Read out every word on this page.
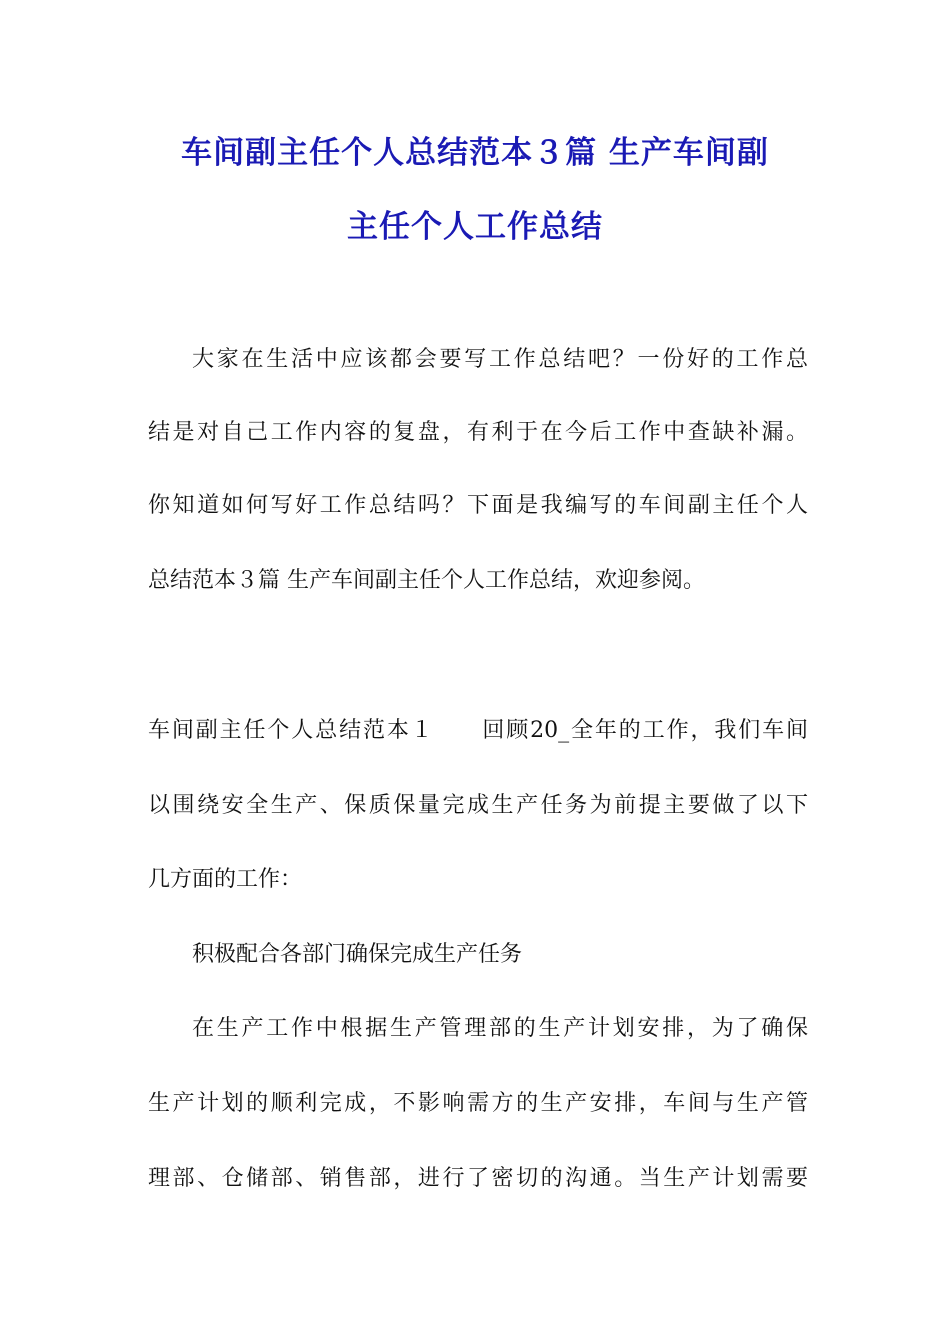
车间副主任个人总结范本３篇 生产车间副
主任个人工作总结
大家在生活中应该都会要写工作总结吧？一份好的工作总
结是对自己工作内容的复盘，有利于在今后工作中查缺补漏。
你知道如何写好工作总结吗？下面是我编写的车间副主任个人
总结范本３篇 生产车间副主任个人工作总结，欢迎参阅。
车间副主任个人总结范本１　　回顾20_全年的工作，我们车间
以围绕安全生产、保质保量完成生产任务为前提主要做了以下
几方面的工作：
积极配合各部门确保完成生产任务
在生产工作中根据生产管理部的生产计划安排，为了确保
生产计划的顺利完成，不影响需方的生产安排，车间与生产管
理部、仓储部、销售部，进行了密切的沟通。当生产计划需要
